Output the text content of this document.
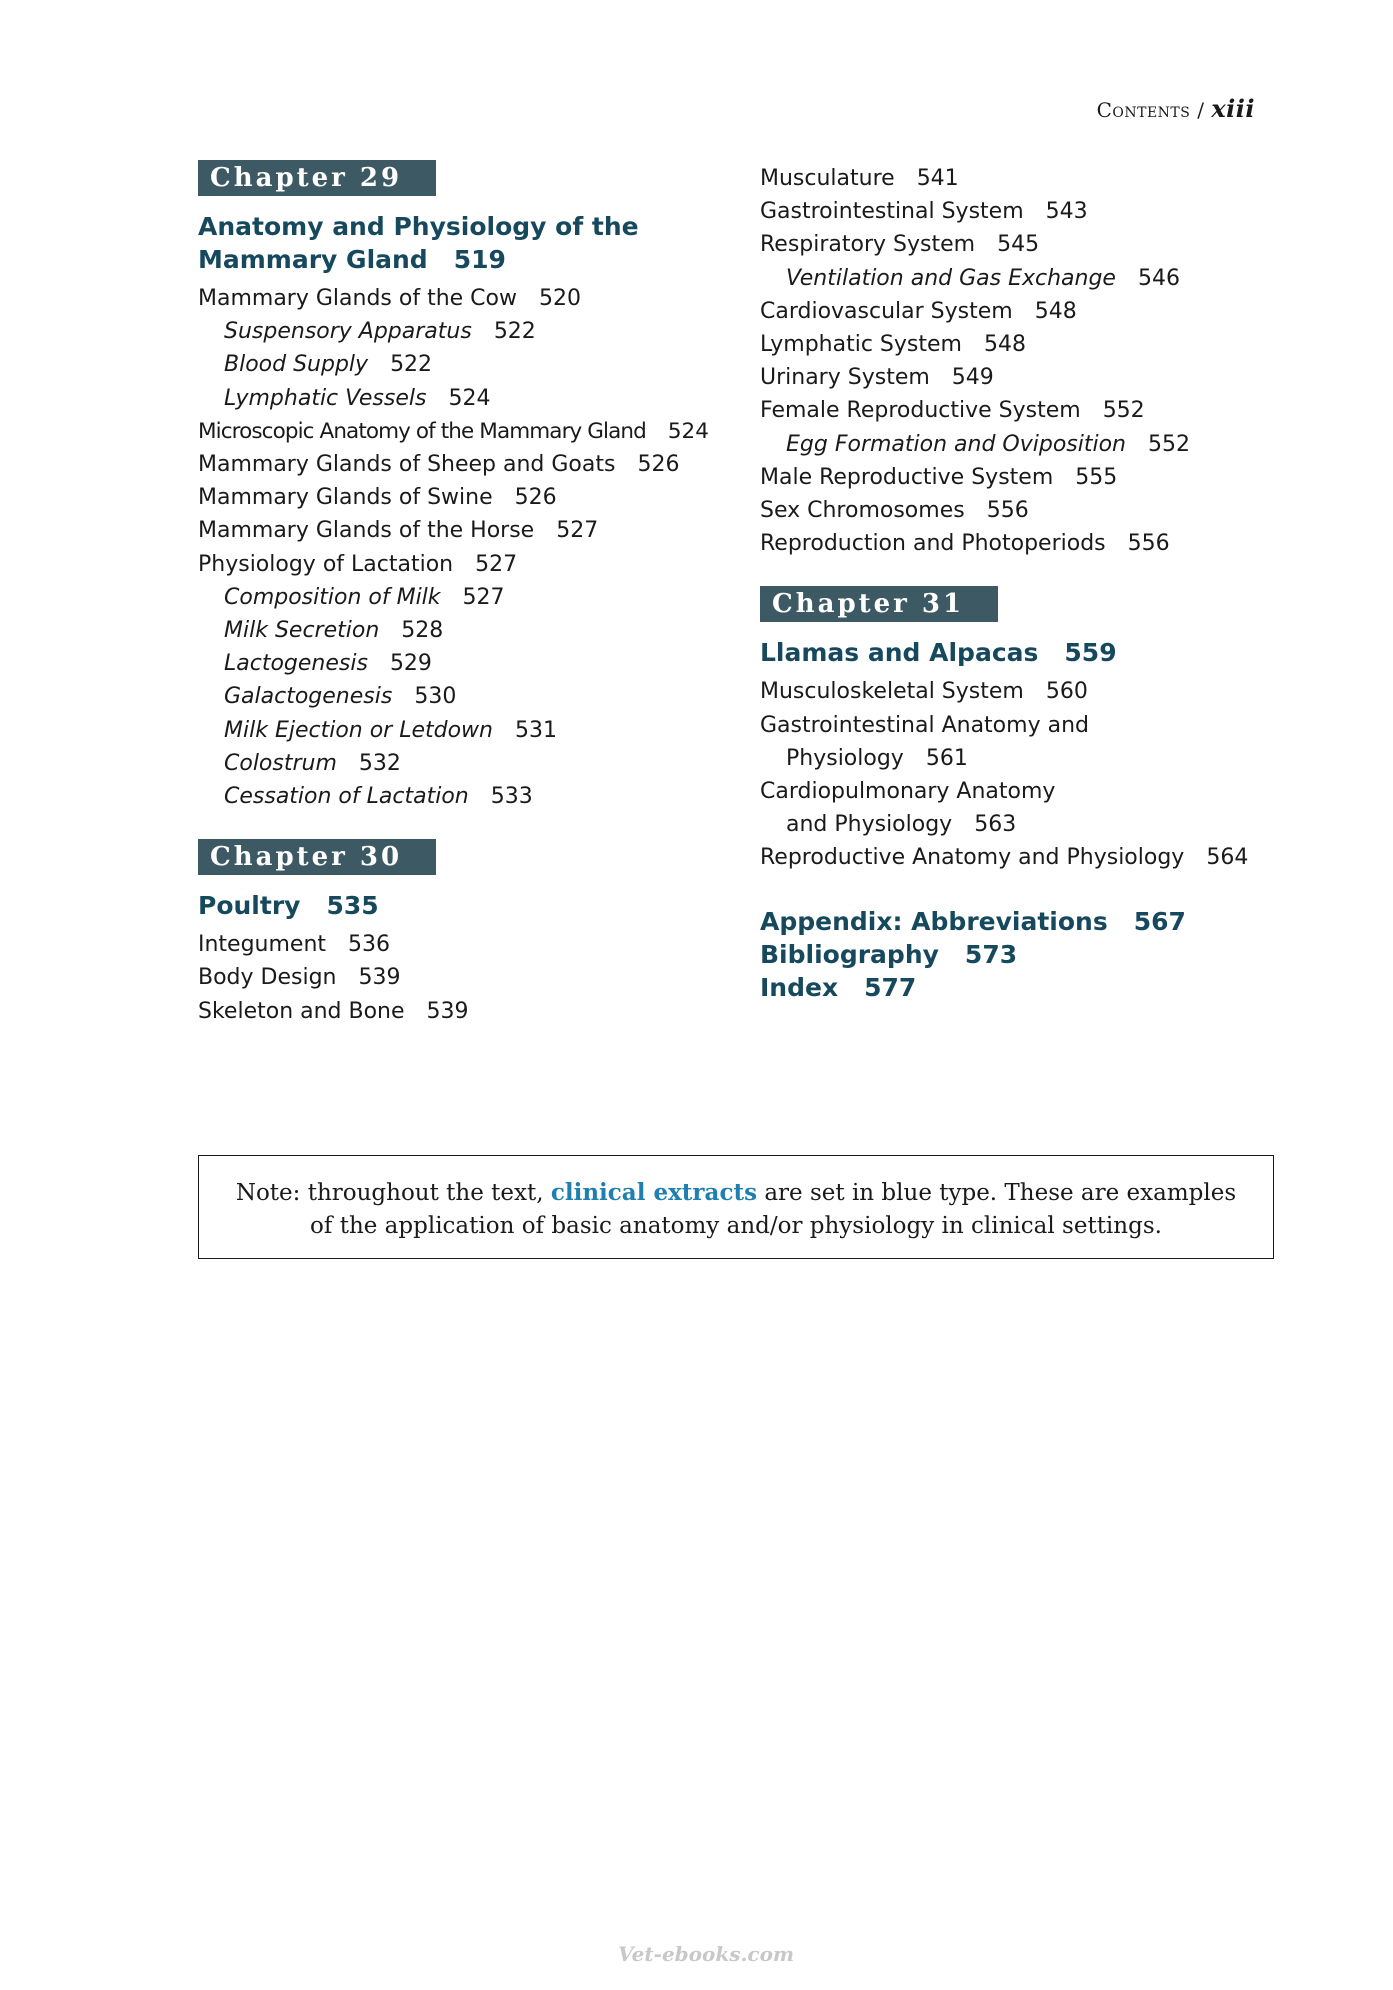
Contents / xiii
Chapter 29
Anatomy and Physiology of the
Mammary Gland 519
Mammary Glands of the Cow 520
Suspensory Apparatus 522
Blood Supply 522
Lymphatic Vessels 524
Microscopic Anatomy of the Mammary Gland 524
Mammary Glands of Sheep and Goats 526
Mammary Glands of Swine 526
Mammary Glands of the Horse 527
Physiology of Lactation 527
Composition of Milk 527
Milk Secretion 528
Lactogenesis 529
Galactogenesis 530
Milk Ejection or Letdown 531
Colostrum 532
Cessation of Lactation 533
Chapter 30
Poultry 535
Integument 536
Body Design 539
Skeleton and Bone 539
Musculature 541
Gastrointestinal System 543
Respiratory System 545
Ventilation and Gas Exchange 546
Cardiovascular System 548
Lymphatic System 548
Urinary System 549
Female Reproductive System 552
Egg Formation and Oviposition 552
Male Reproductive System 555
Sex Chromosomes 556
Reproduction and Photoperiods 556
Chapter 31
Llamas and Alpacas 559
Musculoskeletal System 560
Gastrointestinal Anatomy and
Physiology 561
Cardiopulmonary Anatomy
and Physiology 563
Reproductive Anatomy and Physiology 564
Appendix: Abbreviations 567
Bibliography 573
Index 577
Note: throughout the text, clinical extracts are set in blue type. These are examples
of the application of basic anatomy and/or physiology in clinical settings.
Vet-ebooks.com
